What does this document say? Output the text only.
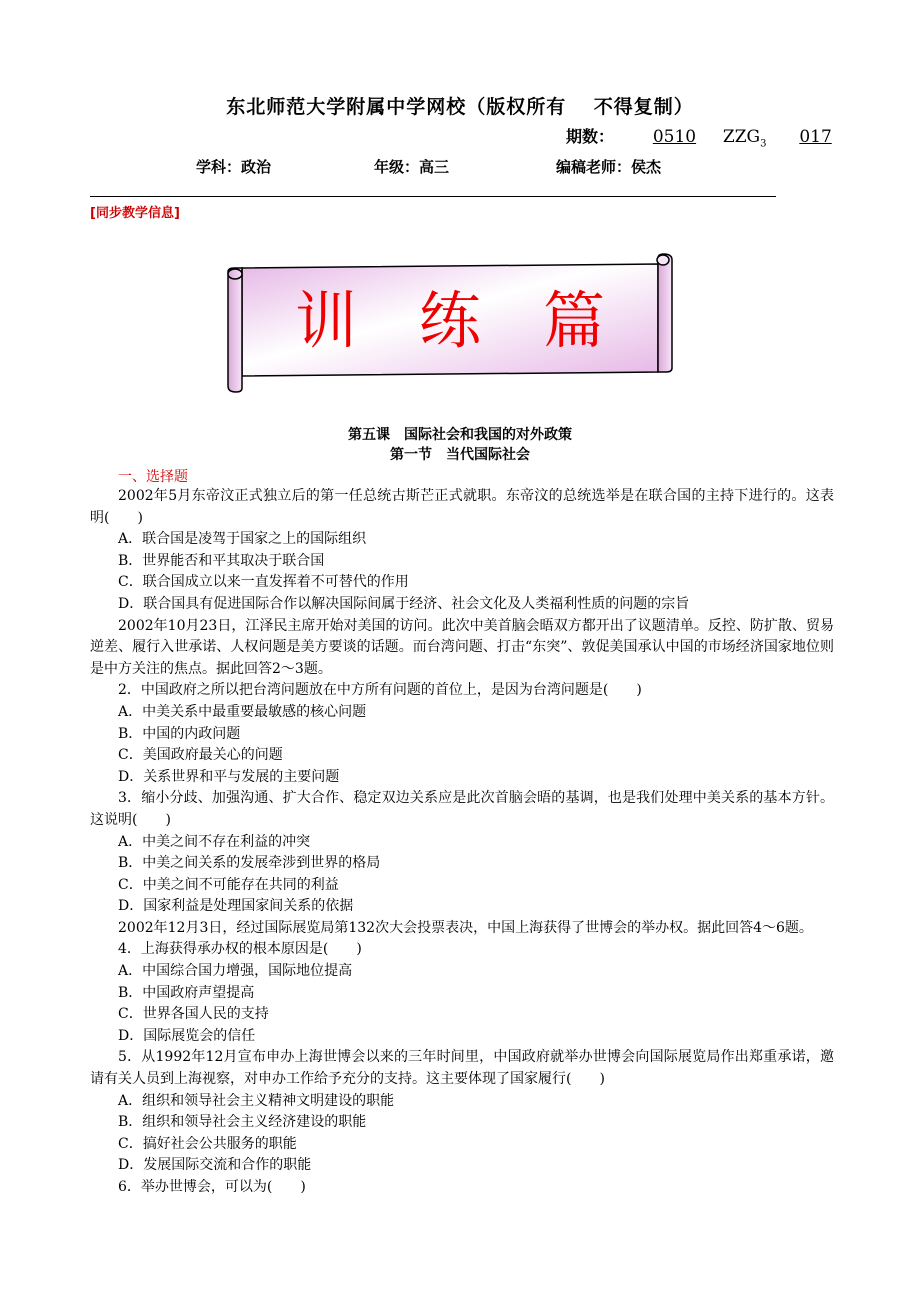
东北师范大学附属中学网校（版权所有　 不得复制）
期数： 0510 $ZZG_3$ 017
学科：政治	年级：高三	编稿老师：侯杰
[同步教学信息]
训　练　篇
第五课　国际社会和我国的对外政策
第一节　当代国际社会
一、选择题

2002年5月东帝汶正式独立后的第一任总统古斯芒正式就职。东帝汶的总统选举是在联合国的主持下进行的。这表明(　　)

A．联合国是凌驾于国家之上的国际组织

B．世界能否和平其取决于联合国

C．联合国成立以来一直发挥着不可替代的作用

D．联合国具有促进国际合作以解决国际间属于经济、社会文化及人类福利性质的问题的宗旨

2002年10月23日，江泽民主席开始对美国的访问。此次中美首脑会晤双方都开出了议题清单。反控、防扩散、贸易逆差、履行入世承诺、人权问题是美方要谈的话题。而台湾问题、打击“东突”、敦促美国承认中国的市场经济国家地位则是中方关注的焦点。据此回答2～3题。

2．中国政府之所以把台湾问题放在中方所有问题的首位上，是因为台湾问题是(　　)

A．中美关系中最重要最敏感的核心问题

B．中国的内政问题

C．美国政府最关心的问题

D．关系世界和平与发展的主要问题

3．缩小分歧、加强沟通、扩大合作、稳定双边关系应是此次首脑会晤的基调，也是我们处理中美关系的基本方针。这说明(　　)

A．中美之间不存在利益的冲突

B．中美之间关系的发展牵涉到世界的格局

C．中美之间不可能存在共同的利益

D．国家利益是处理国家间关系的依据

2002年12月3日，经过国际展览局第132次大会投票表决，中国上海获得了世博会的举办权。据此回答4～6题。

4．上海获得承办权的根本原因是(　　)

A．中国综合国力增强，国际地位提高

B．中国政府声望提高

C．世界各国人民的支持

D．国际展览会的信任

5．从1992年12月宣布申办上海世博会以来的三年时间里，中国政府就举办世博会向国际展览局作出郑重承诺，邀请有关人员到上海视察，对申办工作给予充分的支持。这主要体现了国家履行(　　)

A．组织和领导社会主义精神文明建设的职能

B．组织和领导社会主义经济建设的职能

C．搞好社会公共服务的职能

D．发展国际交流和合作的职能

6．举办世博会，可以为(　　)
